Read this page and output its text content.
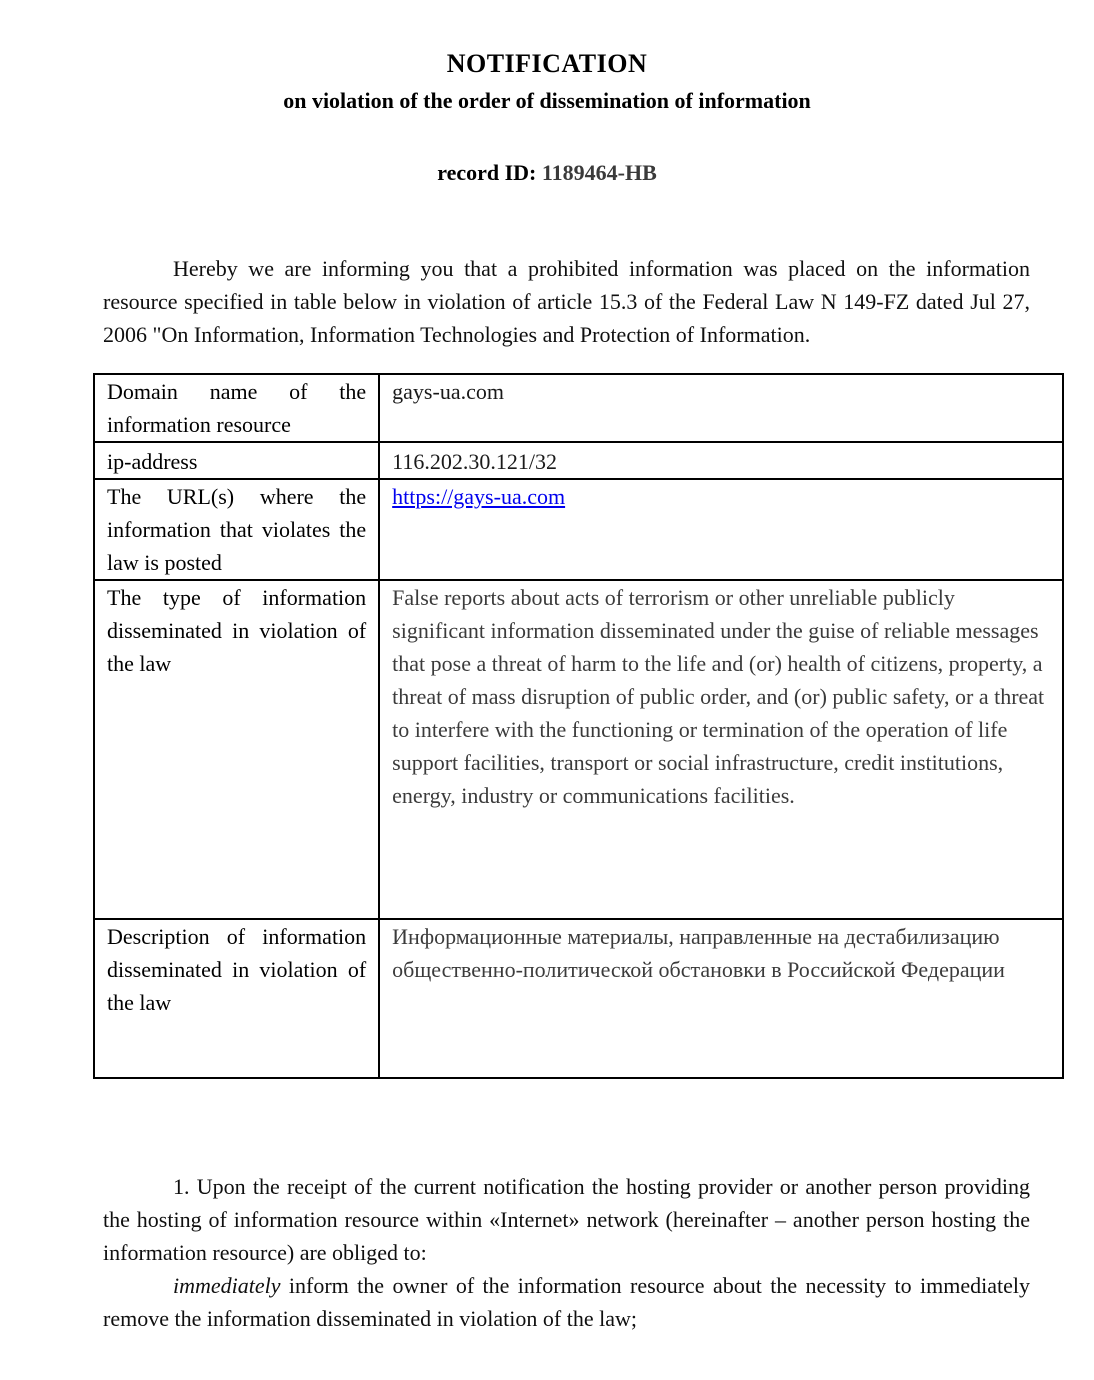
NOTIFICATION
on violation of the order of dissemination of information
record ID: 1189464-HB

Hereby we are informing you that a prohibited information was placed on the information resource specified in table below in violation of article 15.3 of the Federal Law N 149-FZ dated Jul 27, 2006 "On Information, Information Technologies and Protection of Information.

Domain name of the information resource	gays-ua.com
ip-address	116.202.30.121/32
The URL(s) where the information that violates the law is posted	https://gays-ua.com
The type of information disseminated in violation of the law	False reports about acts of terrorism or other unreliable publicly significant information disseminated under the guise of reliable messages that pose a threat of harm to the life and (or) health of citizens, property, a threat of mass disruption of public order, and (or) public safety, or a threat to interfere with the functioning or termination of the operation of life support facilities, transport or social infrastructure, credit institutions, energy, industry or communications facilities.
Description of information disseminated in violation of the law	Информационные материалы, направленные на дестабилизацию общественно-политической обстановки в Российской Федерации

1. Upon the receipt of the current notification the hosting provider or another person providing the hosting of information resource within «Internet» network (hereinafter – another person hosting the information resource) are obliged to:

immediately inform the owner of the information resource about the necessity to immediately remove the information disseminated in violation of the law;
